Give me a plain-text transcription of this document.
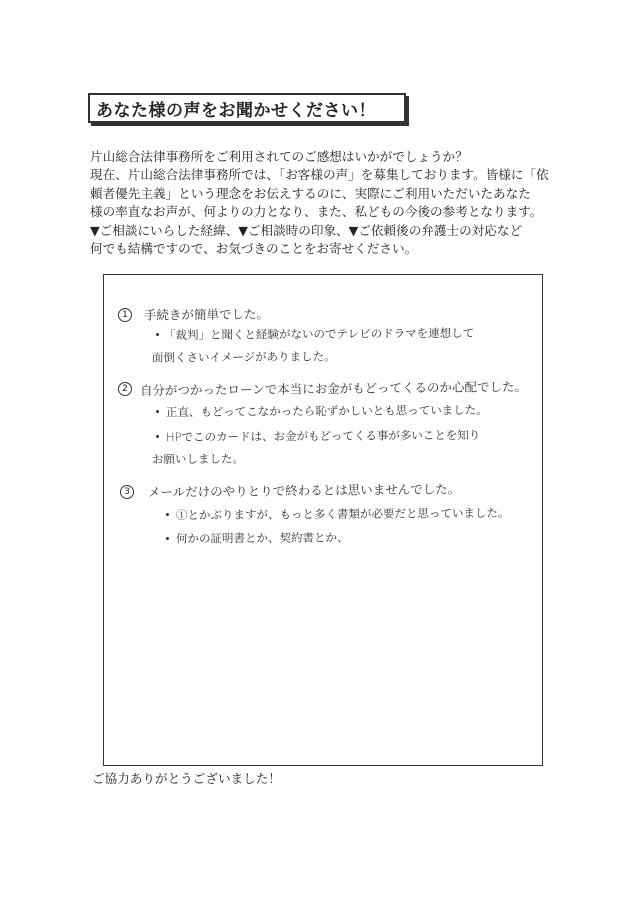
あなた様の声をお聞かせください！
片山総合法律事務所をご利用されてのご感想はいかがでしょうか？
現在、片山総合法律事務所では、「お客様の声」を募集しております。皆様に「依
頼者優先主義」という理念をお伝えするのに、実際にご利用いただいたあなた
様の率直なお声が、何よりの力となり、また、私どもの今後の参考となります。
▼ご相談にいらした経緯、▼ご相談時の印象、▼ご依頼後の弁護士の対応など
何でも結構ですので、お気づきのことをお寄せください。
1 手続きが簡単でした。
「裁判」と聞くと経験がないのでテレビのドラマを連想して
面倒くさいイメージがありました。
2 自分がつかったローンで本当にお金がもどってくるのか心配でした。
正直、もどってこなかったら恥ずかしいとも思っていました。
HPでこのカードは、お金がもどってくる事が多いことを知り
お願いしました。
3 メールだけのやりとりで終わるとは思いませんでした。
①とかぶりますが、もっと多く書類が必要だと思っていました。
何かの証明書とか、契約書とか、
ご協力ありがとうございました！
